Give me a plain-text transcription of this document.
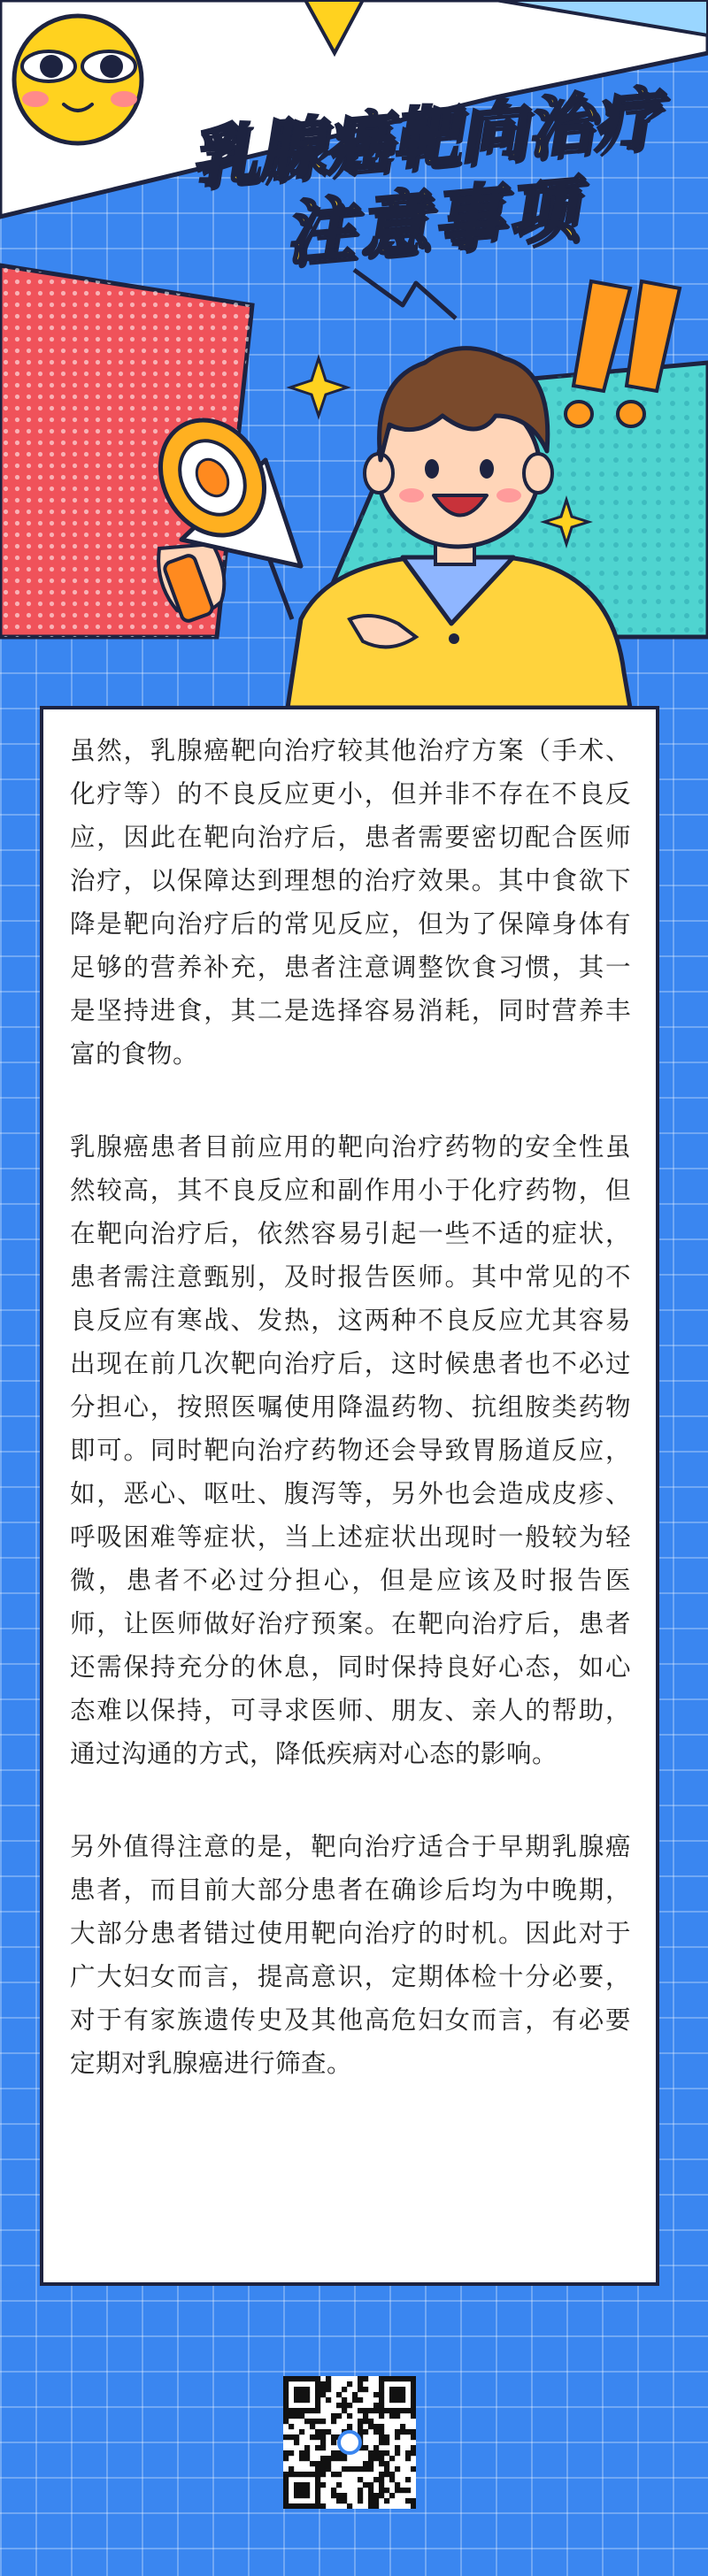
乳腺癌靶向治疗
注意事项

虽然，乳腺癌靶向治疗较其他治疗方案（手术、化疗等）的不良反应更小，但并非不存在不良反应，因此在靶向治疗后，患者需要密切配合医师治疗，以保障达到理想的治疗效果。其中食欲下降是靶向治疗后的常见反应，但为了保障身体有足够的营养补充，患者注意调整饮食习惯，其一是坚持进食，其二是选择容易消耗，同时营养丰富的食物。

乳腺癌患者目前应用的靶向治疗药物的安全性虽然较高，其不良反应和副作用小于化疗药物，但在靶向治疗后，依然容易引起一些不适的症状，患者需注意甄别，及时报告医师。其中常见的不良反应有寒战、发热，这两种不良反应尤其容易出现在前几次靶向治疗后，这时候患者也不必过分担心，按照医嘱使用降温药物、抗组胺类药物即可。同时靶向治疗药物还会导致胃肠道反应，如，恶心、呕吐、腹泻等，另外也会造成皮疹、呼吸困难等症状，当上述症状出现时一般较为轻微，患者不必过分担心，但是应该及时报告医师，让医师做好治疗预案。在靶向治疗后，患者还需保持充分的休息，同时保持良好心态，如心态难以保持，可寻求医师、朋友、亲人的帮助，通过沟通的方式，降低疾病对心态的影响。

另外值得注意的是，靶向治疗适合于早期乳腺癌患者，而目前大部分患者在确诊后均为中晚期，大部分患者错过使用靶向治疗的时机。因此对于广大妇女而言，提高意识，定期体检十分必要，对于有家族遗传史及其他高危妇女而言，有必要定期对乳腺癌进行筛查。
